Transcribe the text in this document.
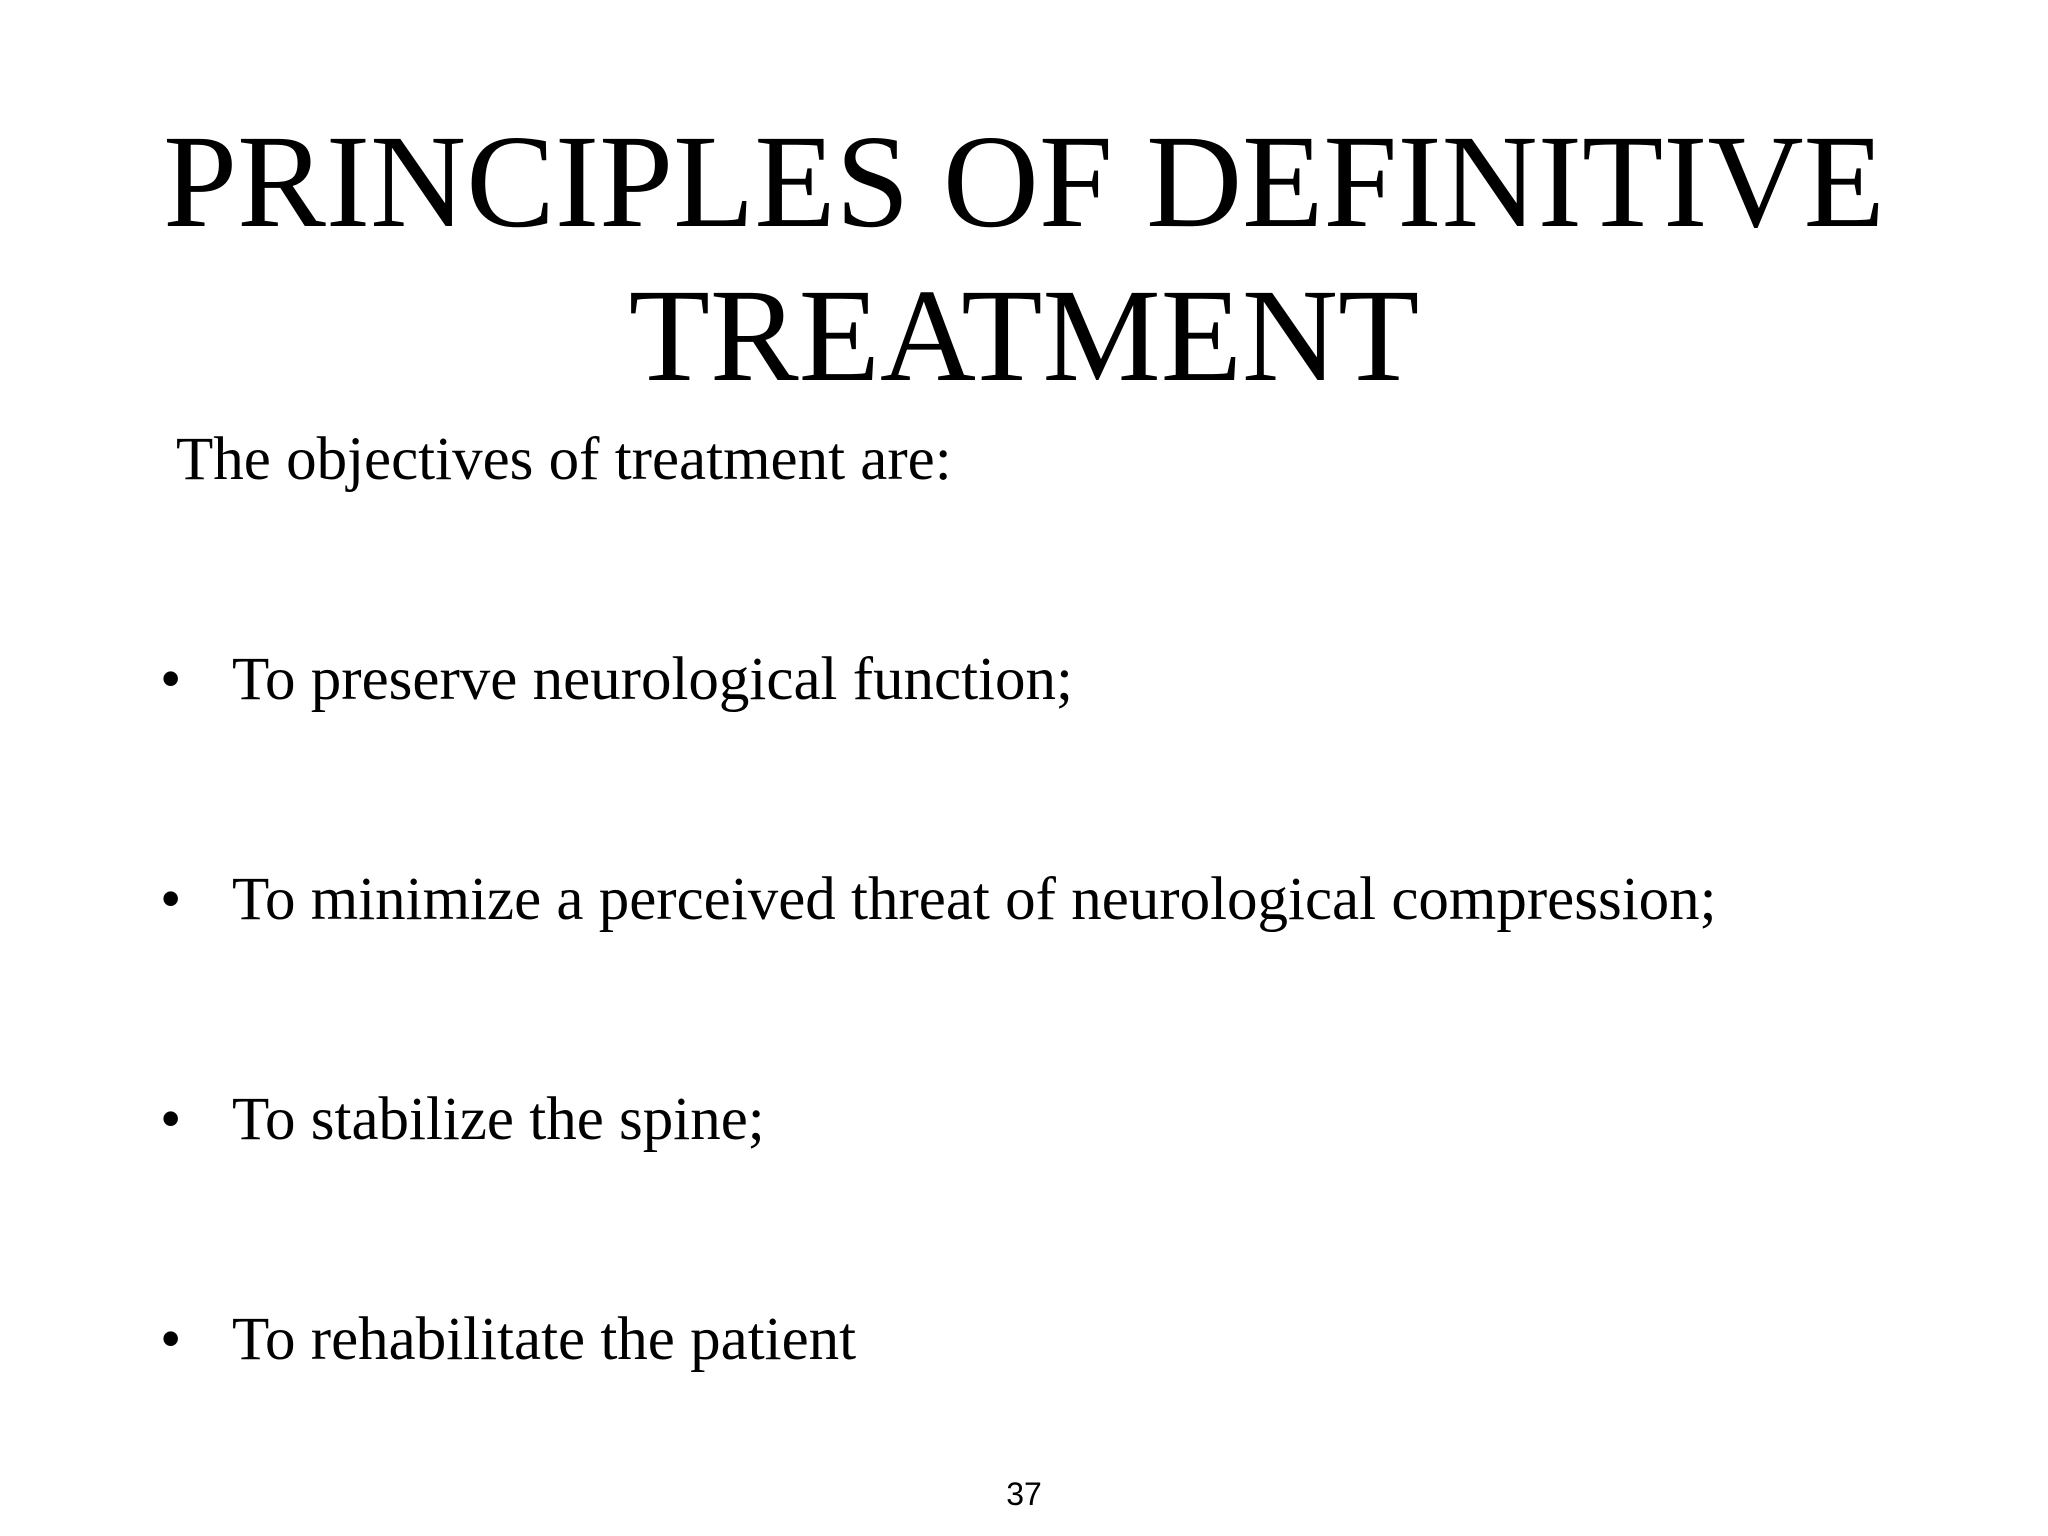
PRINCIPLES OF DEFINITIVE
TREATMENT

The objectives of treatment are:

• To preserve neurological function;
• To minimize a perceived threat of neurological compression;
• To stabilize the spine;
• To rehabilitate the patient
37
